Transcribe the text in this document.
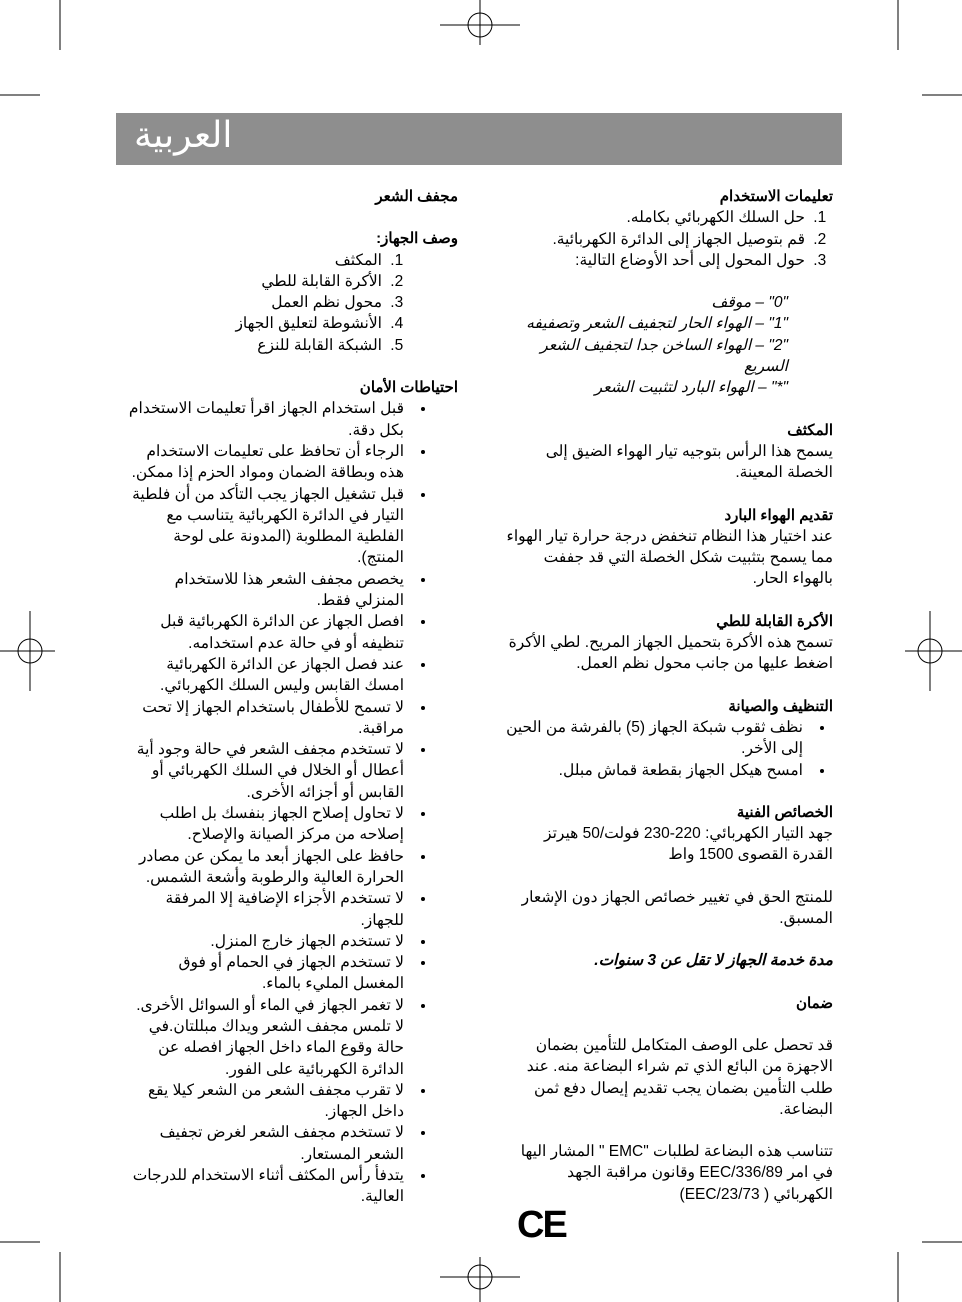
العربية
تعليمات الاستخدام
1. حل السلك الكهربائي بكامله.
2. قم بتوصيل الجهاز إلى الدائرة الكهربائية.
3. حول المحول إلى أحد الأوضاع التالية:
"0" – موقف
"1" – الهواء الحار لتجفيف الشعر وتصفيفه
"2" – الهواء الساخن جدا لتجفيف الشعر السريع
"*" – الهواء البارد لتثبيت الشعر
المكثف
يسمح هذا الرأس بتوجيه تيار الهواء الضيق إلى الخصلة المعينة.
تقديم الهواء البارد
عند اختيار هذا النظام تنخفض درجة حرارة تيار الهواء مما يسمح بتثبيت شكل الخصلة التي قد جففت بالهواء الحار.
الأكرة القابلة للطي
تسمح هذه الأكرة بتحميل الجهاز المريح. لطي الأكرة اضغط عليها من جانب محول نظم العمل.
التنظيف والصيانة
• نظف ثقوب شبكة الجهاز (5) بالفرشة من الحين إلى الأخر.
• امسح هيكل الجهاز بقطعة قماش مبلل.
الخصائص الفنية
جهد التيار الكهربائي: 220-230 فولت/50 هيرتز
القدرة القصوى 1500 واط
للمنتج الحق في تغيير خصائص الجهاز دون الإشعار المسبق.
مدة خدمة الجهاز لا تقل عن 3 سنوات.
ضمان
قد تحصل على الوصف المتكامل للتأمين بضمان الاجهزة من البائع الذي تم شراء البضاعة منه. عند طلب التأمين بضمان يجب تقديم إيصال دفع ثمن البضاعة.
تتناسب هذه البضاعة لطلبات "EMC " المشار اليها في امر EEC/336/89 وقانون مراقبة الجهد الكهربائي ( EEC/23/73)
CE
مجفف الشعر
وصف الجهاز:
1. المكثف
2. الأكرة القابلة للطي
3. محول نظم العمل
4. الأنشوطة لتعليق الجهاز
5. الشبكة القابلة للنزع
احتياطات الأمان
• قبل استخدام الجهاز اقرأ تعليمات الاستخدام بكل دقة.
• الرجاء أن تحافظ على تعليمات الاستخدام هذه وبطاقة الضمان ومواد الحزم إذا ممكن.
• قبل تشغيل الجهاز يجب التأكد من أن فلطية التيار في الدائرة الكهربائية يتناسب مع الفلطية المطلوبة (المدونة على لوحة المنتج).
• يخصص مجفف الشعر هذا للاستخدام المنزلي فقط.
• افصل الجهاز عن الدائرة الكهربائية قبل تنظيفه أو في حالة عدم استخدامه.
• عند فصل الجهاز عن الدائرة الكهربائية امسك القابس وليس السلك الكهربائي.
• لا تسمح للأطفال باستخدام الجهاز إلا تحت مراقبة.
• لا تستخدم مجفف الشعر في حالة وجود أية أعطال أو الخلال في السلك الكهربائي أو القابس أو أجزائه الأخرى.
• لا تحاول إصلاح الجهاز بنفسك بل اطلب إصلاحه من مركز الصيانة والإصلاح.
• حافظ على الجهاز أبعد ما يمكن عن مصادر الحرارة العالية والرطوبة وأشعة الشمس.
• لا تستخدم الأجزاء الإضافية إلا المرفقة للجهاز.
• لا تستخدم الجهاز خارج المنزل.
• لا تستخدم الجهاز في الحمام أو فوق المغسل المليء بالماء.
• لا تغمر الجهاز في الماء أو السوائل الأخرى. لا تلمس مجفف الشعر ويداك مبللتان.في حالة وقوع الماء داخل الجهاز افصله عن الدائرة الكهربائية على الفور.
• لا تقرب مجفف الشعر من الشعر كيلا يقع داخل الجهاز.
• لا تستخدم مجفف الشعر لغرض تجفيف الشعر المستعار.
• يتدفأ رأس المكثف أثناء الاستخدام للدرجات العالية.
